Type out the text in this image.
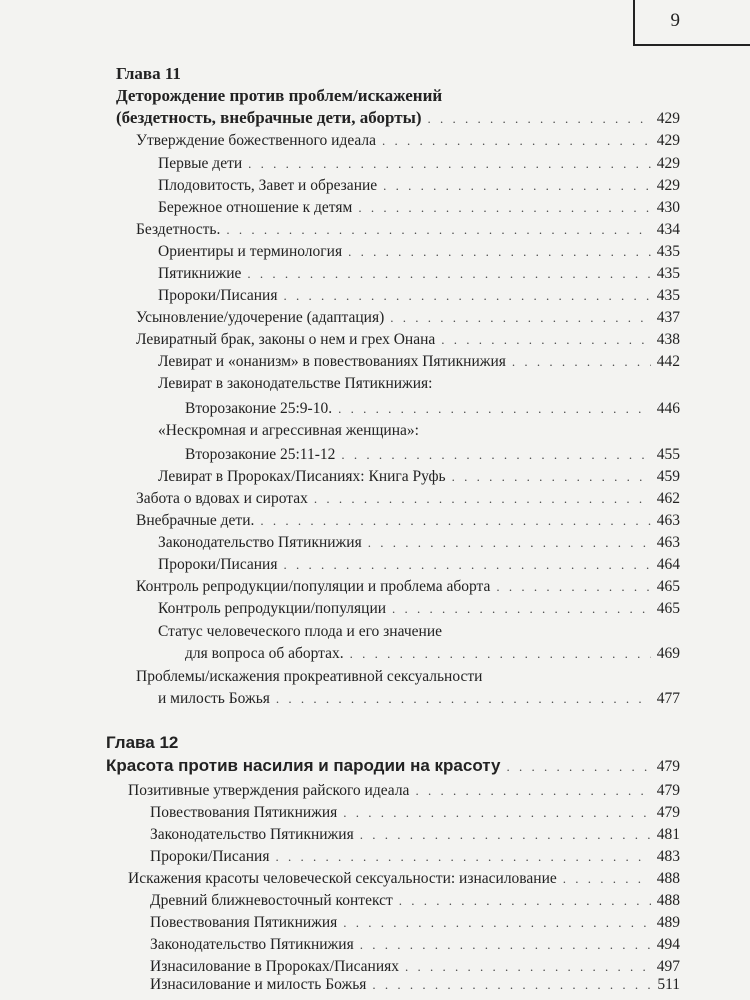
9
Глава 11
Деторождение против проблем/искажений
(бездетность, внебрачные дети, аборты) . . .	429
Утверждение божественного идеала . . .	429
Первые дети . . .	429
Плодовитость, Завет и обрезание . . .	429
Бережное отношение к детям . . .	430
Бездетность. . . .	434
Ориентиры и терминология . . .	435
Пятикнижие . . .	435
Пророки/Писания . . .	435
Усыновление/удочерение (адаптация) . . .	437
Левиратный брак, законы о нем и грех Онана . . .	438
Левират и «онанизм» в повествованиях Пятикнижия . . .	442
Левират в законодательстве Пятикнижия:
Второзаконие 25:9-10. . . .	446
«Нескромная и агрессивная женщина»:
Второзаконие 25:11-12 . . .	455
Левират в Пророках/Писаниях: Книга Руфь . . .	459
Забота о вдовах и сиротах . . .	462
Внебрачные дети. . . .	463
Законодательство Пятикнижия . . .	463
Пророки/Писания . . .	464
Контроль репродукции/популяции и проблема аборта . . .	465
Контроль репродукции/популяции . . .	465
Статус человеческого плода и его значение
для вопроса об абортах. . . .	469
Проблемы/искажения прокреативной сексуальности
и милость Божья . . .	477
Глава 12
Красота против насилия и пародии на красоту . . .	479
Позитивные утверждения райского идеала . . .	479
Повествования Пятикнижия . . .	479
Законодательство Пятикнижия . . .	481
Пророки/Писания . . .	483
Искажения красоты человеческой сексуальности: изнасилование . . .	488
Древний ближневосточный контекст . . .	488
Повествования Пятикнижия . . .	489
Законодательство Пятикнижия . . .	494
Изнасилование в Пророках/Писаниях . . .	497
Изнасилование и милость Божья . . .	511
